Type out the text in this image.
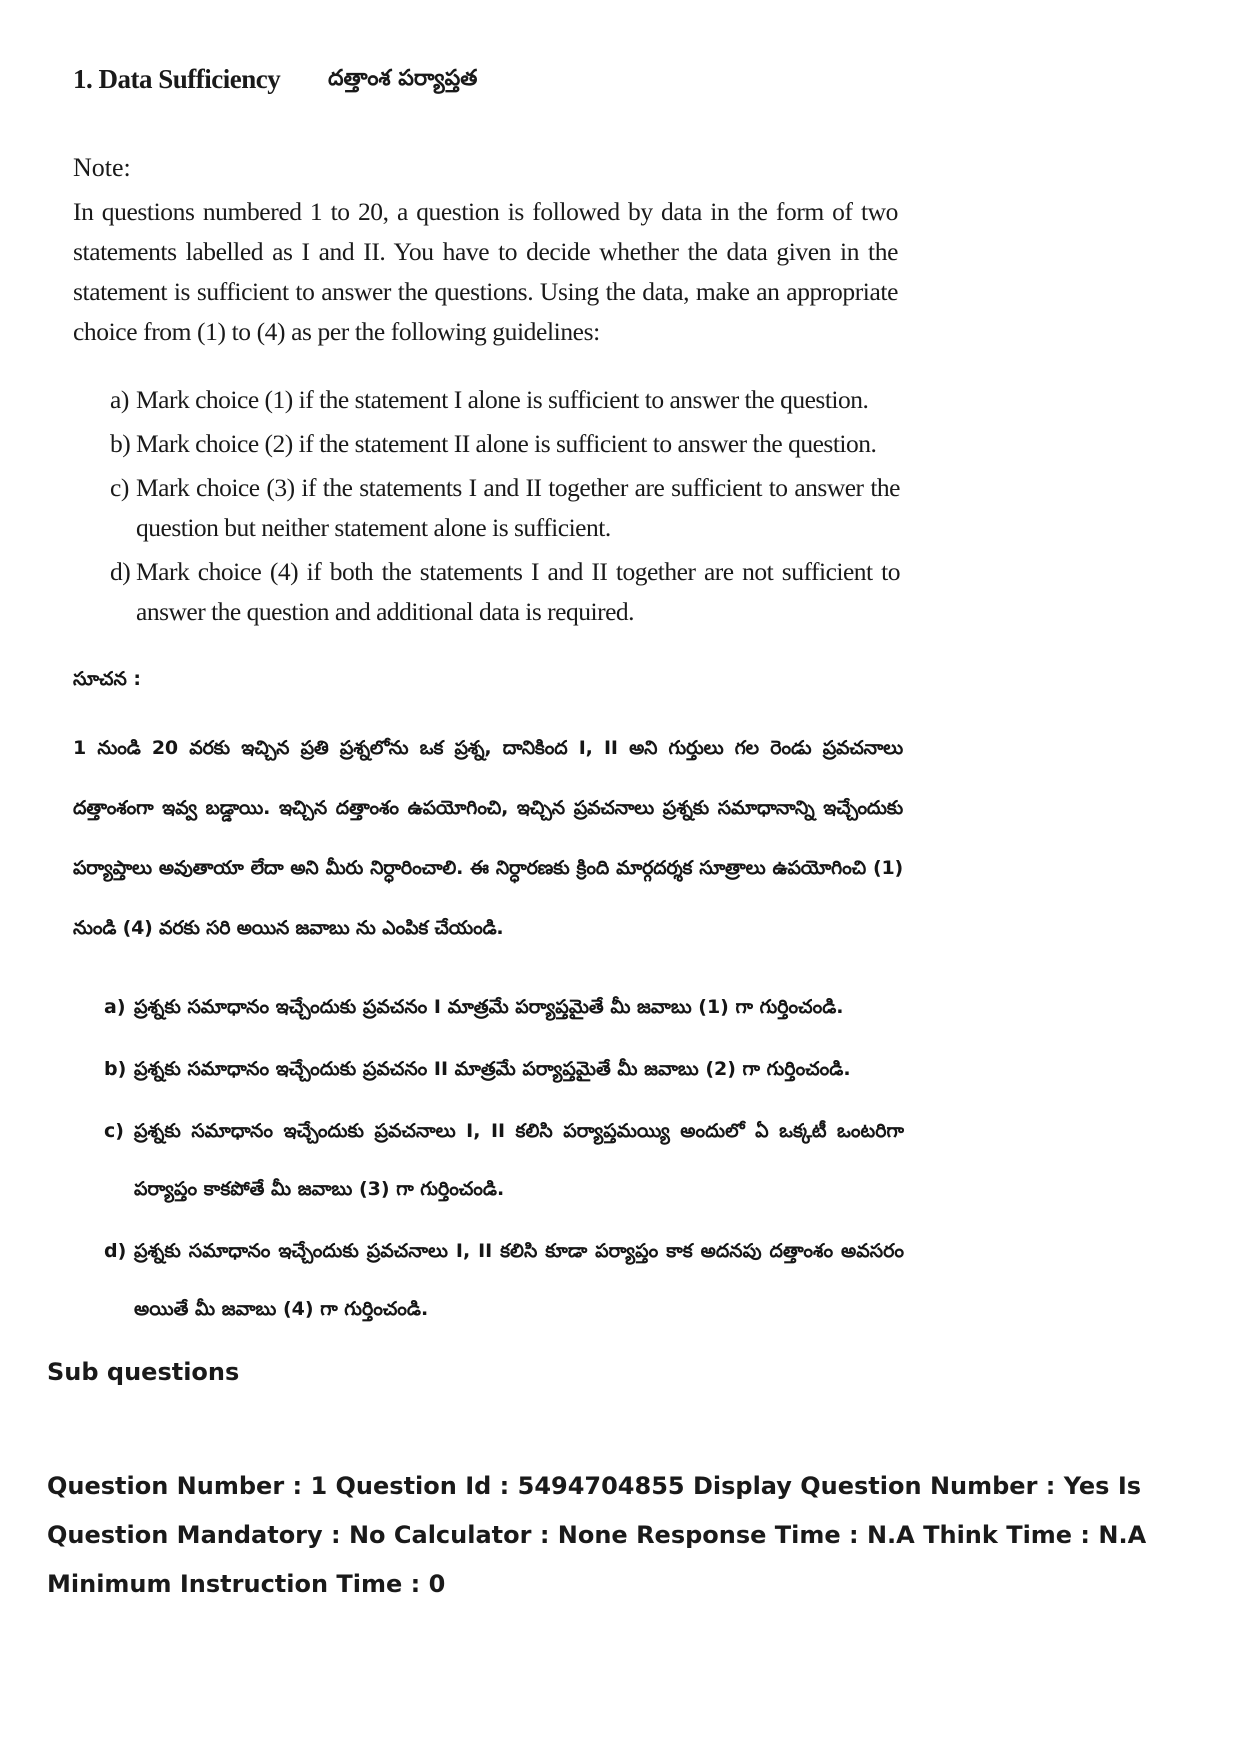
1. Data Sufficiency దత్తాంశ పర్యాప్తత
Note:
In questions numbered 1 to 20, a question is followed by data in the form of two statements labelled as I and II. You have to decide whether the data given in the statement is sufficient to answer the questions. Using the data, make an appropriate choice from (1) to (4) as per the following guidelines:
a) Mark choice (1) if the statement I alone is sufficient to answer the question.
b) Mark choice (2) if the statement II alone is sufficient to answer the question.
c) Mark choice (3) if the statements I and II together are sufficient to answer the question but neither statement alone is sufficient.
d) Mark choice (4) if both the statements I and II together are not sufficient to answer the question and additional data is required.
సూచన :
1 నుండి 20 వరకు ఇచ్చిన ప్రతి ప్రశ్నలోను ఒక ప్రశ్న, దానికింద I, II అని గుర్తులు గల రెండు ప్రవచనాలు దత్తాంశంగా ఇవ్వ బడ్డాయి. ఇచ్చిన దత్తాంశం ఉపయోగించి, ఇచ్చిన ప్రవచనాలు ప్రశ్నకు సమాధానాన్ని ఇచ్చేందుకు పర్యాప్తాలు అవుతాయా లేదా అని మీరు నిర్ధారించాలి. ఈ నిర్ధారణకు క్రింది మార్గదర్శక సూత్రాలు ఉపయోగించి (1) నుండి (4) వరకు సరి అయిన జవాబు ను ఎంపిక చేయండి.
a) ప్రశ్నకు సమాధానం ఇచ్చేందుకు ప్రవచనం I మాత్రమే పర్యాప్తమైతే మీ జవాబు (1) గా గుర్తించండి.
b) ప్రశ్నకు సమాధానం ఇచ్చేందుకు ప్రవచనం II మాత్రమే పర్యాప్తమైతే మీ జవాబు (2) గా గుర్తించండి.
c) ప్రశ్నకు సమాధానం ఇచ్చేందుకు ప్రవచనాలు I, II కలిసి పర్యాప్తమయ్యి అందులో ఏ ఒక్కటీ ఒంటరిగా పర్యాప్తం కాకపోతే మీ జవాబు (3) గా గుర్తించండి.
d) ప్రశ్నకు సమాధానం ఇచ్చేందుకు ప్రవచనాలు I, II కలిసి కూడా పర్యాప్తం కాక అదనపు దత్తాంశం అవసరం అయితే మీ జవాబు (4) గా గుర్తించండి.
Sub questions
Question Number : 1 Question Id : 5494704855 Display Question Number : Yes Is Question Mandatory : No Calculator : None Response Time : N.A Think Time : N.A Minimum Instruction Time : 0
